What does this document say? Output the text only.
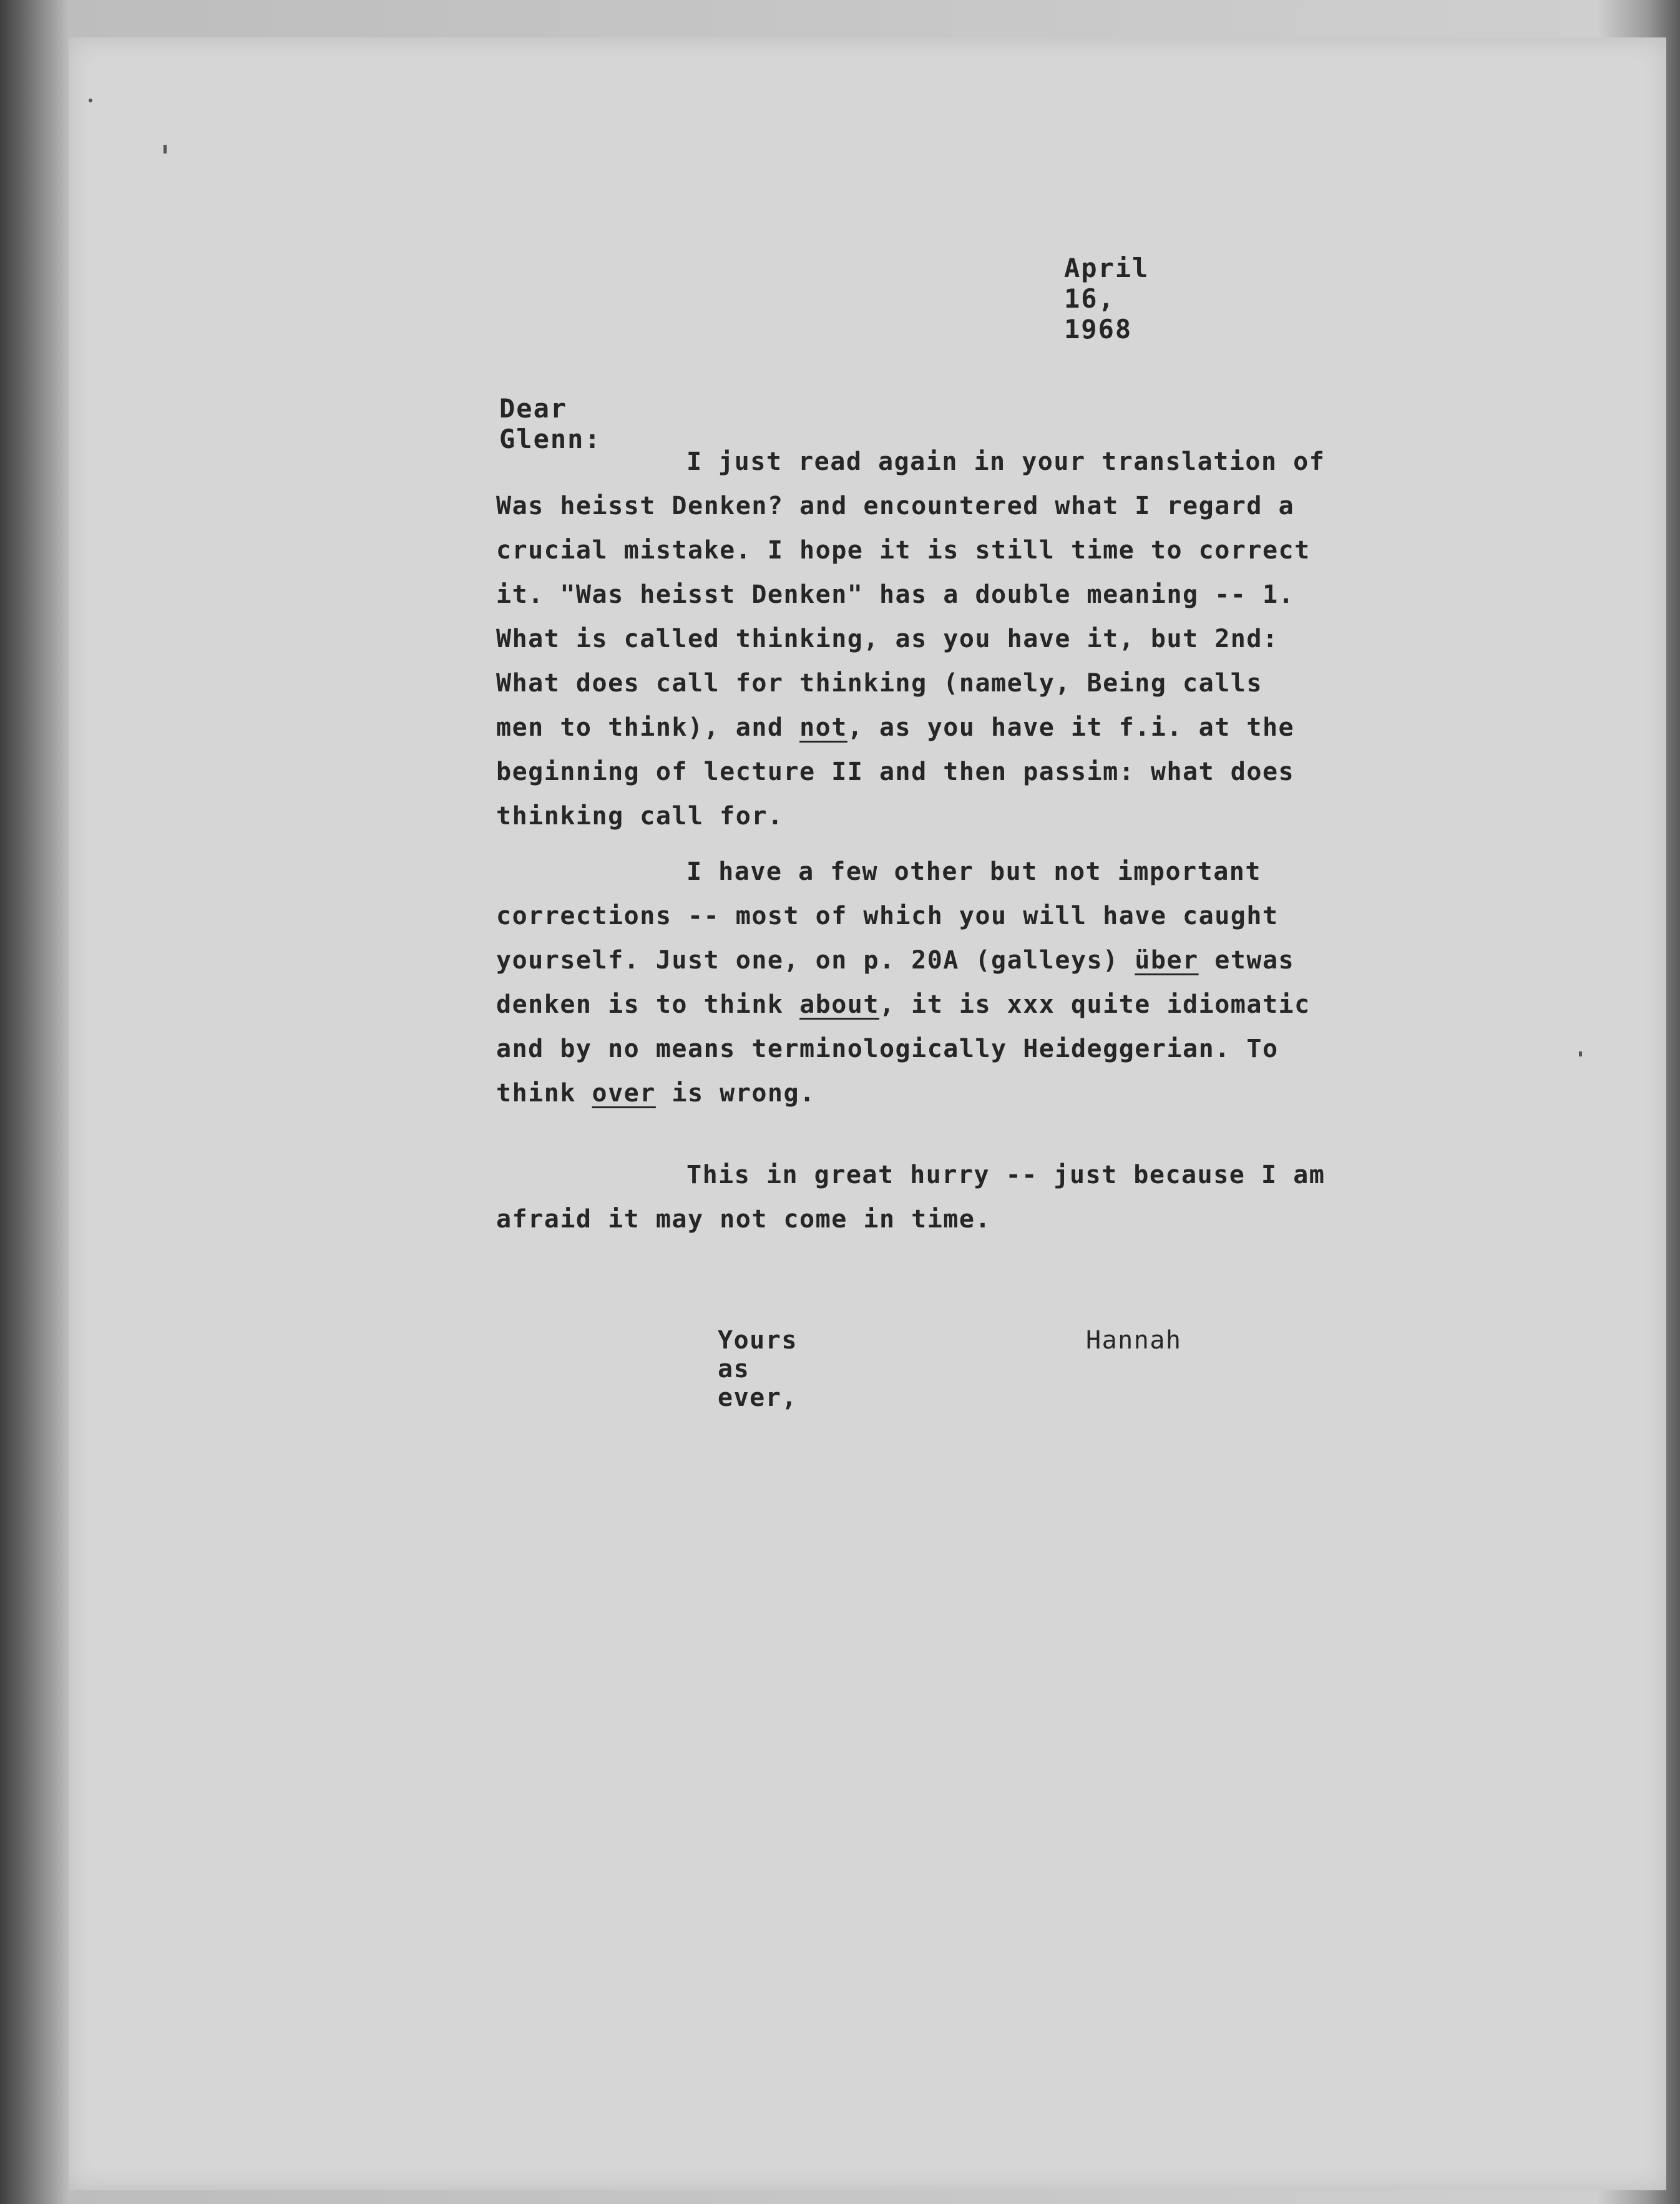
April 16, 1968
Dear Glenn:

I just read again in your translation of
Was heisst Denken? and encountered what I regard a
crucial mistake. I hope it is still time to correct
it. "Was heisst Denken" has a double meaning -- 1.
What is called thinking, as you have it, but 2nd:
What does call for thinking (namely, Being calls
men to think), and not, as you have it f.i. at the
beginning of lecture II and then passim: what does
thinking call for.

I have a few other but not important
corrections -- most of which you will have caught
yourself. Just one, on p. 20A (galleys) über etwas
denken is to think about, it is xxx quite idiomatic
and by no means terminologically Heideggerian. To
think over is wrong.

This in great hurry -- just because I am
afraid it may not come in time.

Yours as ever,
Hannah
